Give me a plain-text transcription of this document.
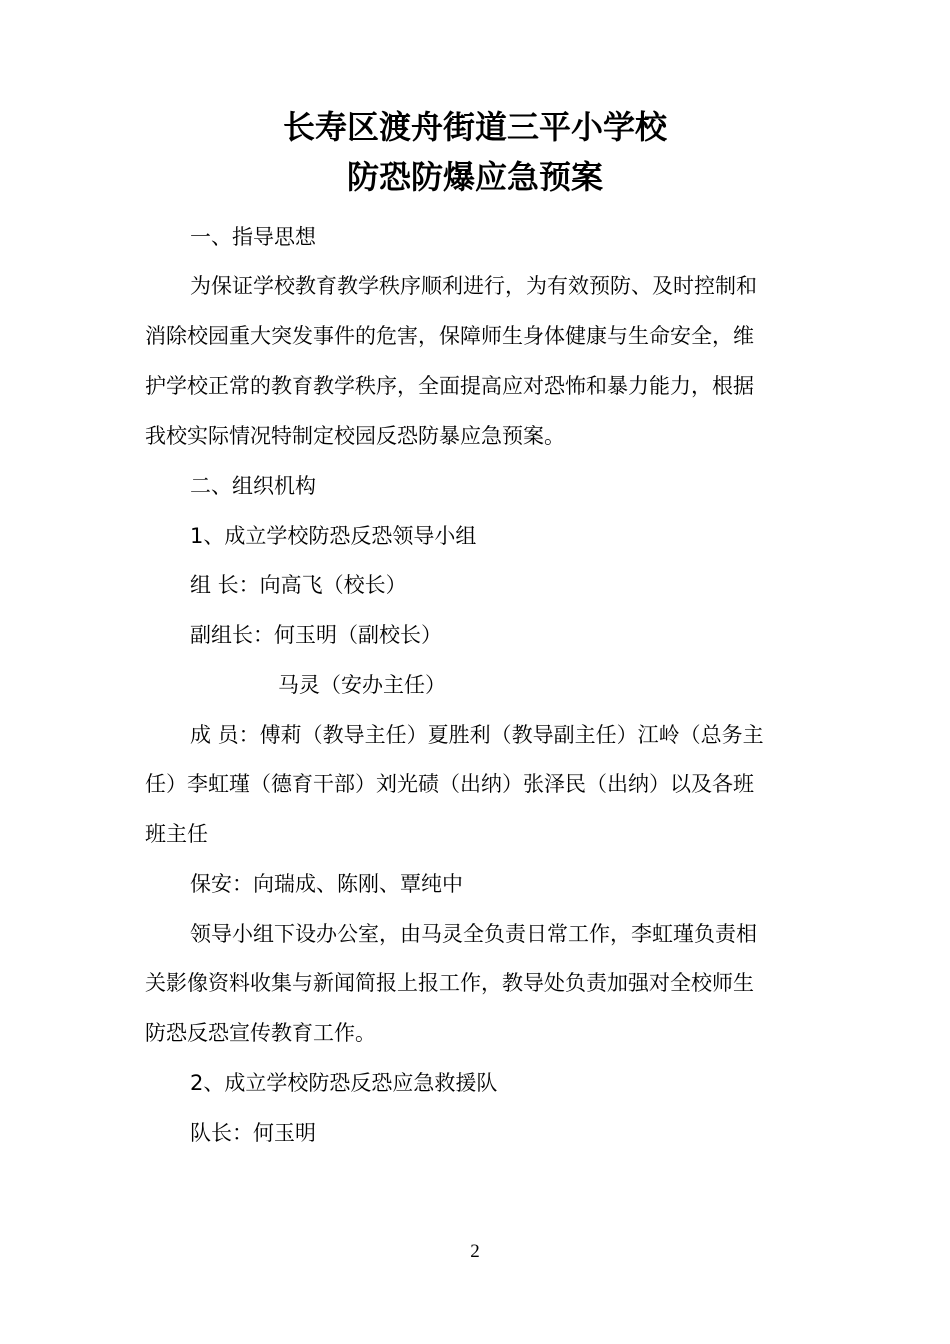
长寿区渡舟街道三平小学校
防恐防爆应急预案
一、指导思想
为保证学校教育教学秩序顺利进行，为有效预防、及时控制和
消除校园重大突发事件的危害，保障师生身体健康与生命安全，维
护学校正常的教育教学秩序，全面提高应对恐怖和暴力能力，根据
我校实际情况特制定校园反恐防暴应急预案。
二、组织机构
1、成立学校防恐反恐领导小组
组 长：向高飞（校长）
副组长：何玉明（副校长）
马灵（安办主任）
成 员：傅莉（教导主任）夏胜利（教导副主任）江岭（总务主
任）李虹瑾（德育干部）刘光碛（出纳）张泽民（出纳）以及各班
班主任
保安：向瑞成、陈刚、覃纯中
领导小组下设办公室，由马灵全负责日常工作，李虹瑾负责相
关影像资料收集与新闻简报上报工作，教导处负责加强对全校师生
防恐反恐宣传教育工作。
2、成立学校防恐反恐应急救援队
队长：何玉明
2
